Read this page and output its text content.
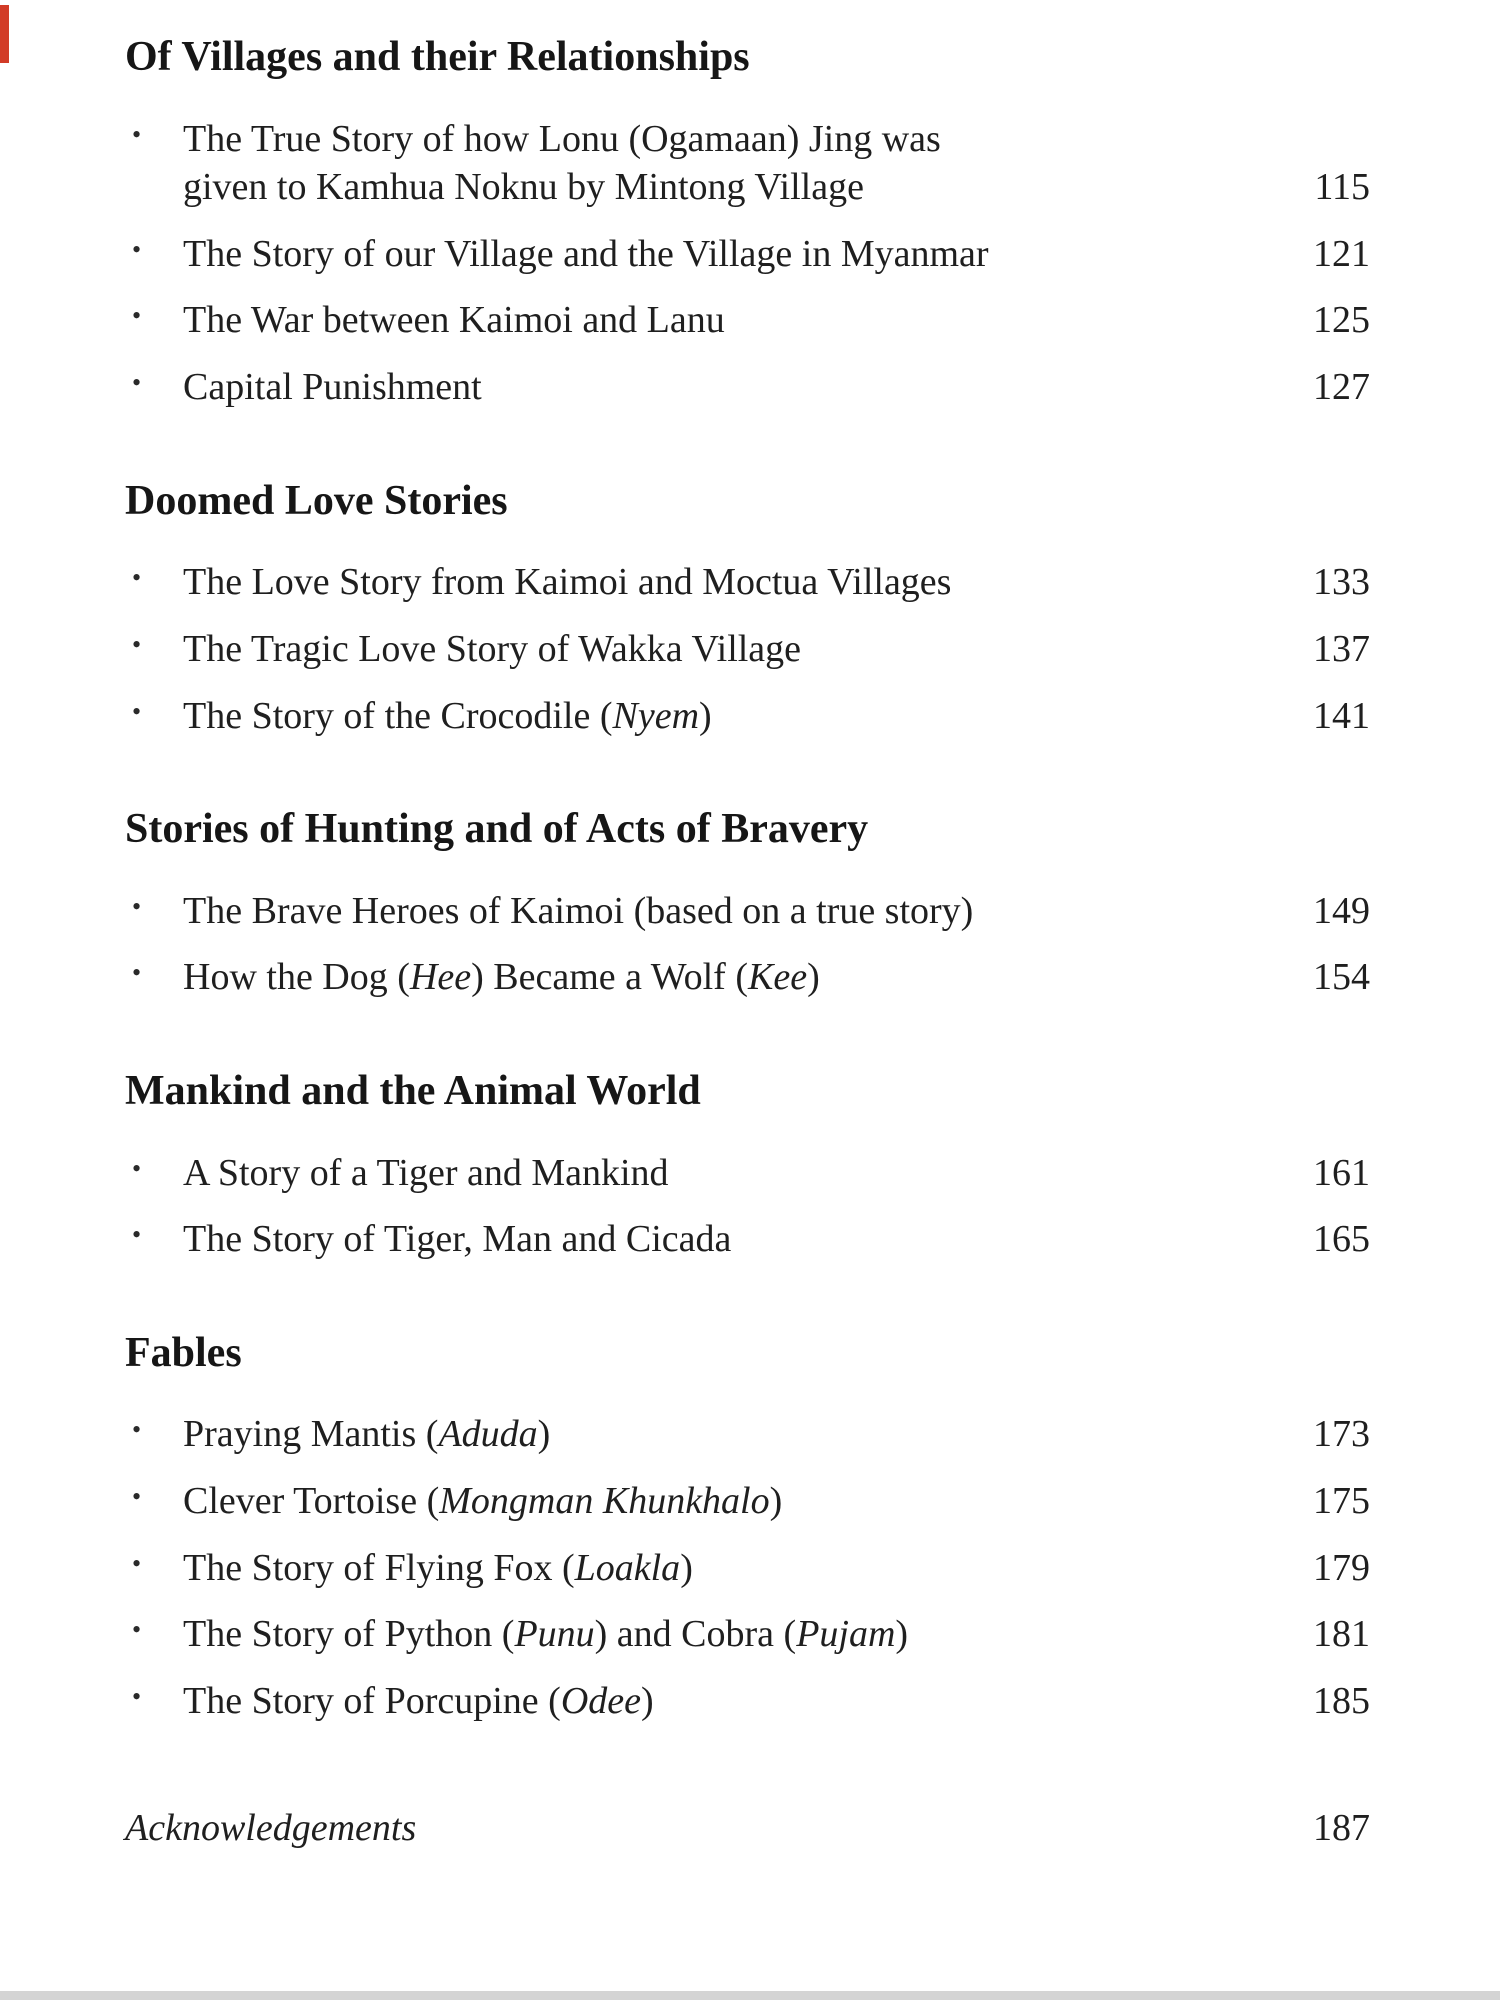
Of Villages and their Relationships
• The True Story of how Lonu (Ogamaan) Jing was
given to Kamhua Noknu by Mintong Village	115
• The Story of our Village and the Village in Myanmar	121
• The War between Kaimoi and Lanu	125
• Capital Punishment	127
Doomed Love Stories
• The Love Story from Kaimoi and Moctua Villages	133
• The Tragic Love Story of Wakka Village	137
• The Story of the Crocodile (Nyem)	141
Stories of Hunting and of Acts of Bravery
• The Brave Heroes of Kaimoi (based on a true story)	149
• How the Dog (Hee) Became a Wolf (Kee)	154
Mankind and the Animal World
• A Story of a Tiger and Mankind	161
• The Story of Tiger, Man and Cicada	165
Fables
• Praying Mantis (Aduda)	173
• Clever Tortoise (Mongman Khunkhalo)	175
• The Story of Flying Fox (Loakla)	179
• The Story of Python (Punu) and Cobra (Pujam)	181
• The Story of Porcupine (Odee)	185
Acknowledgements	187
